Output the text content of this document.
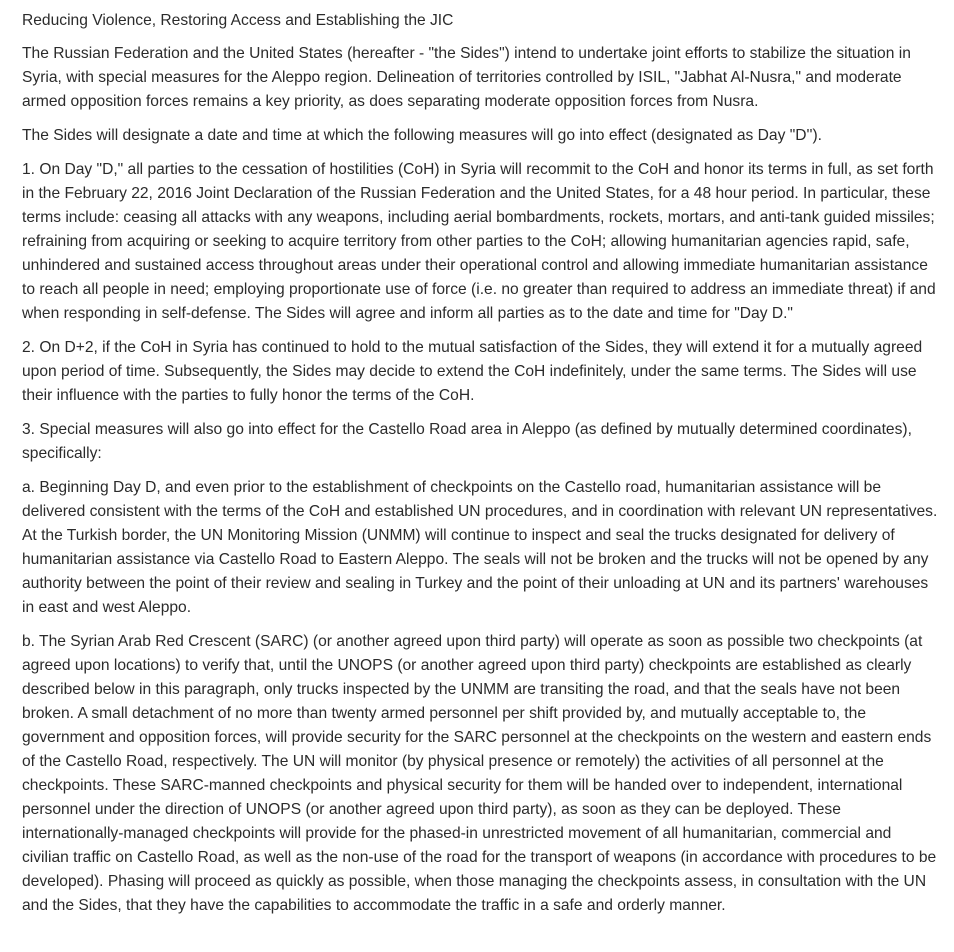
Reducing Violence, Restoring Access and Establishing the JIC

The Russian Federation and the United States (hereafter - "the Sides") intend to undertake joint efforts to stabilize the situation in Syria, with special measures for the Aleppo region. Delineation of territories controlled by ISIL, "Jabhat Al-Nusra," and moderate armed opposition forces remains a key priority, as does separating moderate opposition forces from Nusra.

The Sides will designate a date and time at which the following measures will go into effect (designated as Day "D'').

1. On Day "D," all parties to the cessation of hostilities (CoH) in Syria will recommit to the CoH and honor its terms in full, as set forth in the February 22, 2016 Joint Declaration of the Russian Federation and the United States, for a 48 hour period. In particular, these terms include: ceasing all attacks with any weapons, including aerial bombardments, rockets, mortars, and anti-tank guided missiles; refraining from acquiring or seeking to acquire territory from other parties to the CoH; allowing humanitarian agencies rapid, safe, unhindered and sustained access throughout areas under their operational control and allowing immediate humanitarian assistance to reach all people in need; employing proportionate use of force (i.e. no greater than required to address an immediate threat) if and when responding in self-defense. The Sides will agree and inform all parties as to the date and time for "Day D."

2. On D+2, if the CoH in Syria has continued to hold to the mutual satisfaction of the Sides, they will extend it for a mutually agreed upon period of time. Subsequently, the Sides may decide to extend the CoH indefinitely, under the same terms. The Sides will use their influence with the parties to fully honor the terms of the CoH.

3. Special measures will also go into effect for the Castello Road area in Aleppo (as defined by mutually determined coordinates), specifically:

a. Beginning Day D, and even prior to the establishment of checkpoints on the Castello road, humanitarian assistance will be delivered consistent with the terms of the CoH and established UN procedures, and in coordination with relevant UN representatives. At the Turkish border, the UN Monitoring Mission (UNMM) will continue to inspect and seal the trucks designated for delivery of humanitarian assistance via Castello Road to Eastern Aleppo. The seals will not be broken and the trucks will not be opened by any authority between the point of their review and sealing in Turkey and the point of their unloading at UN and its partners' warehouses in east and west Aleppo.

b. The Syrian Arab Red Crescent (SARC) (or another agreed upon third party) will operate as soon as possible two checkpoints (at agreed upon locations) to verify that, until the UNOPS (or another agreed upon third party) checkpoints are established as clearly described below in this paragraph, only trucks inspected by the UNMM are transiting the road, and that the seals have not been broken. A small detachment of no more than twenty armed personnel per shift provided by, and mutually acceptable to, the government and opposition forces, will provide security for the SARC personnel at the checkpoints on the western and eastern ends of the Castello Road, respectively. The UN will monitor (by physical presence or remotely) the activities of all personnel at the checkpoints. These SARC-manned checkpoints and physical security for them will be handed over to independent, international personnel under the direction of UNOPS (or another agreed upon third party), as soon as they can be deployed. These internationally-managed checkpoints will provide for the phased-in unrestricted movement of all humanitarian, commercial and civilian traffic on Castello Road, as well as the non-use of the road for the transport of weapons (in accordance with procedures to be developed). Phasing will proceed as quickly as possible, when those managing the checkpoints assess, in consultation with the UN and the Sides, that they have the capabilities to accommodate the traffic in a safe and orderly manner.
